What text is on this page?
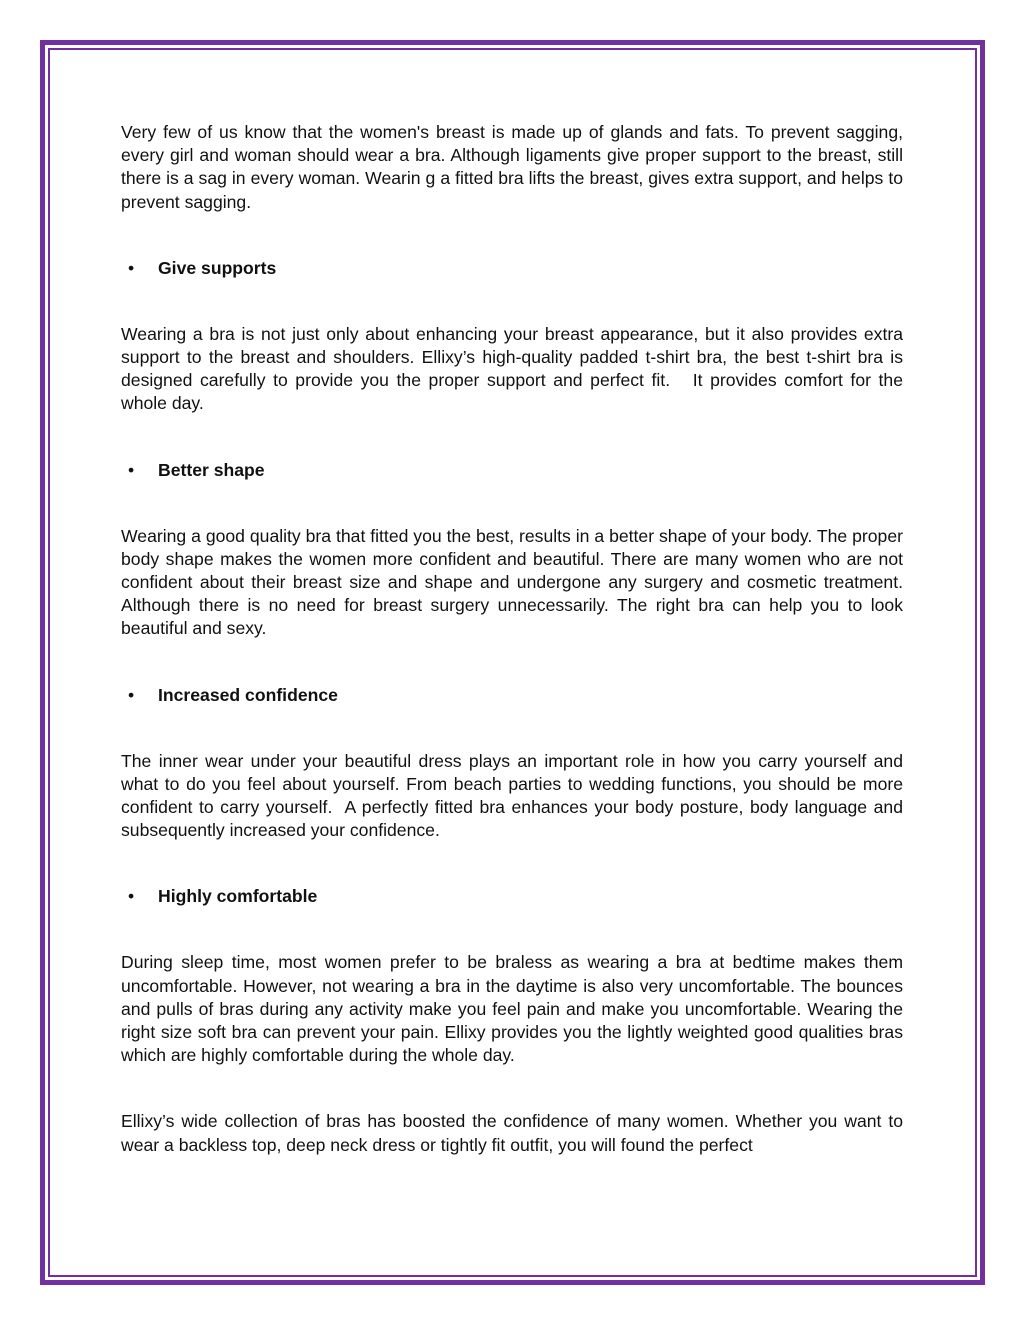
Very few of us know that the women's breast is made up of glands and fats. To prevent sagging, every girl and woman should wear a bra. Although ligaments give proper support to the breast, still there is a sag in every woman. Wearin g a fitted bra lifts the breast, gives extra support, and helps to prevent sagging.

• Give supports

Wearing a bra is not just only about enhancing your breast appearance, but it also provides extra support to the breast and shoulders. Ellixy’s high-quality padded t-shirt bra, the best t-shirt bra is designed carefully to provide you the proper support and perfect fit.   It provides comfort for the whole day.

• Better shape

Wearing a good quality bra that fitted you the best, results in a better shape of your body. The proper body shape makes the women more confident and beautiful. There are many women who are not confident about their breast size and shape and undergone any surgery and cosmetic treatment. Although there is no need for breast surgery unnecessarily. The right bra can help you to look beautiful and sexy.

• Increased confidence

The inner wear under your beautiful dress plays an important role in how you carry yourself and what to do you feel about yourself. From beach parties to wedding functions, you should be more confident to carry yourself.  A perfectly fitted bra enhances your body posture, body language and subsequently increased your confidence.

• Highly comfortable

During sleep time, most women prefer to be braless as wearing a bra at bedtime makes them uncomfortable. However, not wearing a bra in the daytime is also very uncomfortable. The bounces and pulls of bras during any activity make you feel pain and make you uncomfortable. Wearing the right size soft bra can prevent your pain. Ellixy provides you the lightly weighted good qualities bras which are highly comfortable during the whole day.

Ellixy’s wide collection of bras has boosted the confidence of many women. Whether you want to wear a backless top, deep neck dress or tightly fit outfit, you will found the perfect
